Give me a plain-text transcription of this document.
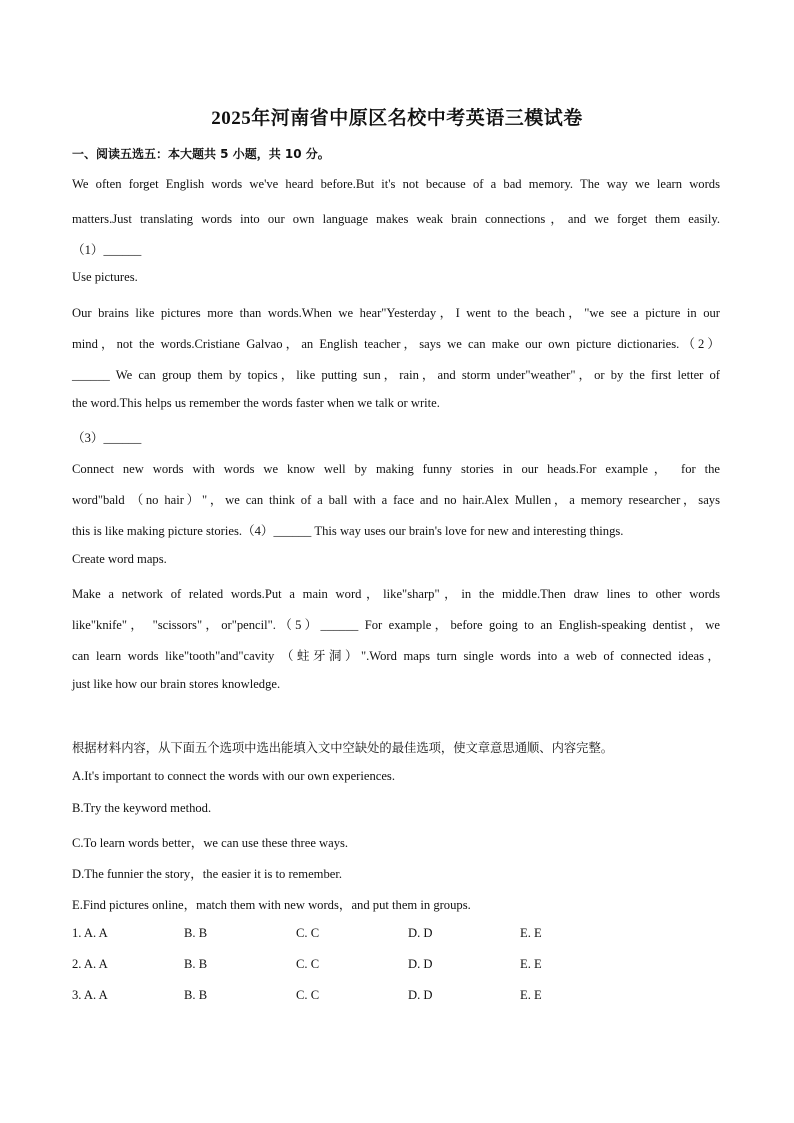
2025年河南省中原区名校中考英语三模试卷
一、阅读五选五：本大题共 5 小题，共 10 分。
We often forget English words we've heard before.But it's not because of a bad memory. The way we learn words
matters.Just translating words into our own language makes weak brain connections，and we forget them easily.
（1）______
Use pictures.
Our brains like pictures more than words.When we hear"Yesterday，I went to the beach，"we see a picture in our
mind，not the words.Cristiane Galvao，an English teacher，says we can make our own picture dictionaries.（2）
______ We can group them by topics，like putting sun，rain，and storm under"weather"，or by the first letter of
the word.This helps us remember the words faster when we talk or write.
（3）______
Connect new words with words we know well by making funny stories in our heads.For example， for the
word"bald （no hair）"，we can think of a ball with a face and no hair.Alex Mullen，a memory researcher，says
this is like making picture stories.（4）______ This way uses our brain's love for new and interesting things.
Create word maps.
Make a network of related words.Put a main word，like"sharp"，in the middle.Then draw lines to other words
like"knife"， "scissors"，or"pencil".（5）______ For example，before going to an English-speaking dentist，we
can learn words like"tooth"and"cavity （蛀牙洞）".Word maps turn single words into a web of connected ideas，
just like how our brain stores knowledge.
根据材料内容，从下面五个选项中选出能填入文中空缺处的最佳选项，使文章意思通顺、内容完整。
A.It's important to connect the words with our own experiences.
B.Try the keyword method.
C.To learn words better，we can use these three ways.
D.The funnier the story，the easier it is to remember.
E.Find pictures online，match them with new words，and put them in groups.
1. A. A	B. B	C. C	D. D	E. E
2. A. A	B. B	C. C	D. D	E. E
3. A. A	B. B	C. C	D. D	E. E
